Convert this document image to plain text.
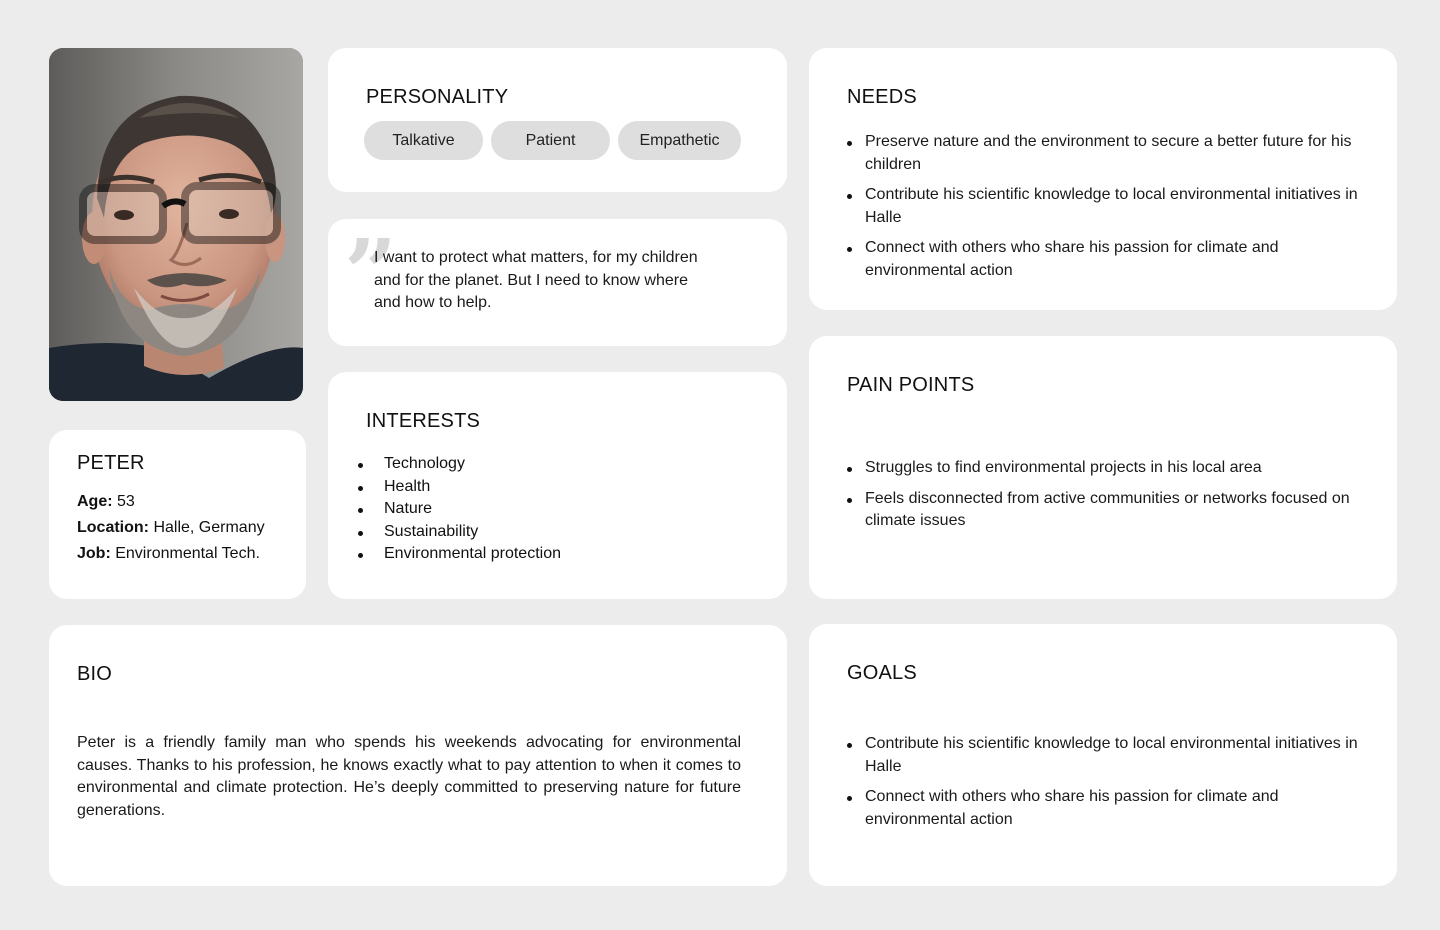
PETER
Age: 53
Location: Halle, Germany
Job: Environmental Tech.
PERSONALITY
Talkative	Patient	Empathetic
”

I want to protect what matters, for my children and for the planet. But I need to know where and how to help.

INTERESTS
Technology
Health
Nature
Sustainability
Environmental protection
NEEDS
Preserve nature and the environment to secure a better future for his children
Contribute his scientific knowledge to local environmental initiatives in Halle
Connect with others who share his passion for climate and environmental action
PAIN POINTS
Struggles to find environmental projects in his local area
Feels disconnected from active communities or networks focused on climate issues
BIO

Peter is a friendly family man who spends his weekends advocating for environmental causes. Thanks to his profession, he knows exactly what to pay attention to when it comes to environmental and climate protection. He’s deeply committed to preserving nature for future generations.

GOALS
Contribute his scientific knowledge to local environmental initiatives in Halle
Connect with others who share his passion for climate and environmental action
